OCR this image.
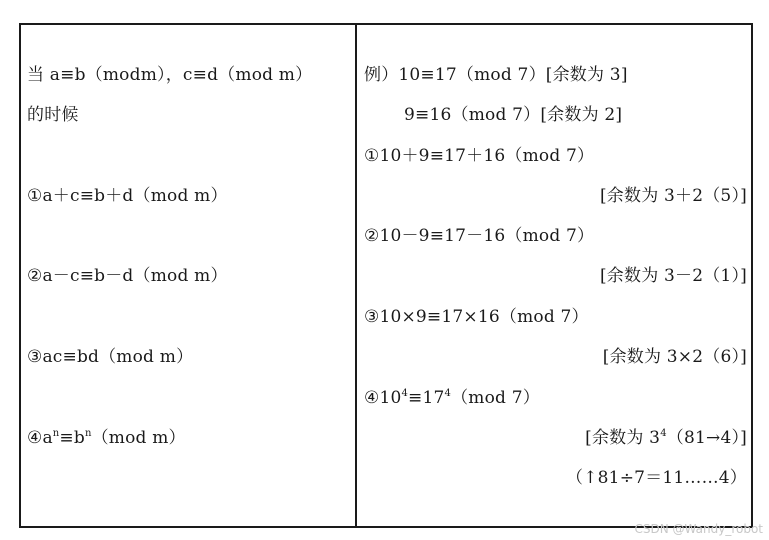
当 a≡b（modm），c≡d（mod m）
的时候
①a＋c≡b＋d（mod m）
②a－c≡b－d（mod m）
③ac≡bd（mod m）
$④a^n\equiv b^n(mod$ m）
例）10≡17（mod 7）[余数为 3]
9≡16（mod 7）[余数为 2]
①10＋9≡17＋16（mod 7）
[余数为 3＋2（5）]
②10－9≡17－16（mod 7）
[余数为 3－2（1）]
③10×9≡17×16（mod 7）
[余数为 3×2（6）]
$④10^4\equiv 17^4(mod$ 7）
[余数为 $3^4(81\to 4)$]
（↑81÷7＝11……4）
CSDN @Wandy_robot
